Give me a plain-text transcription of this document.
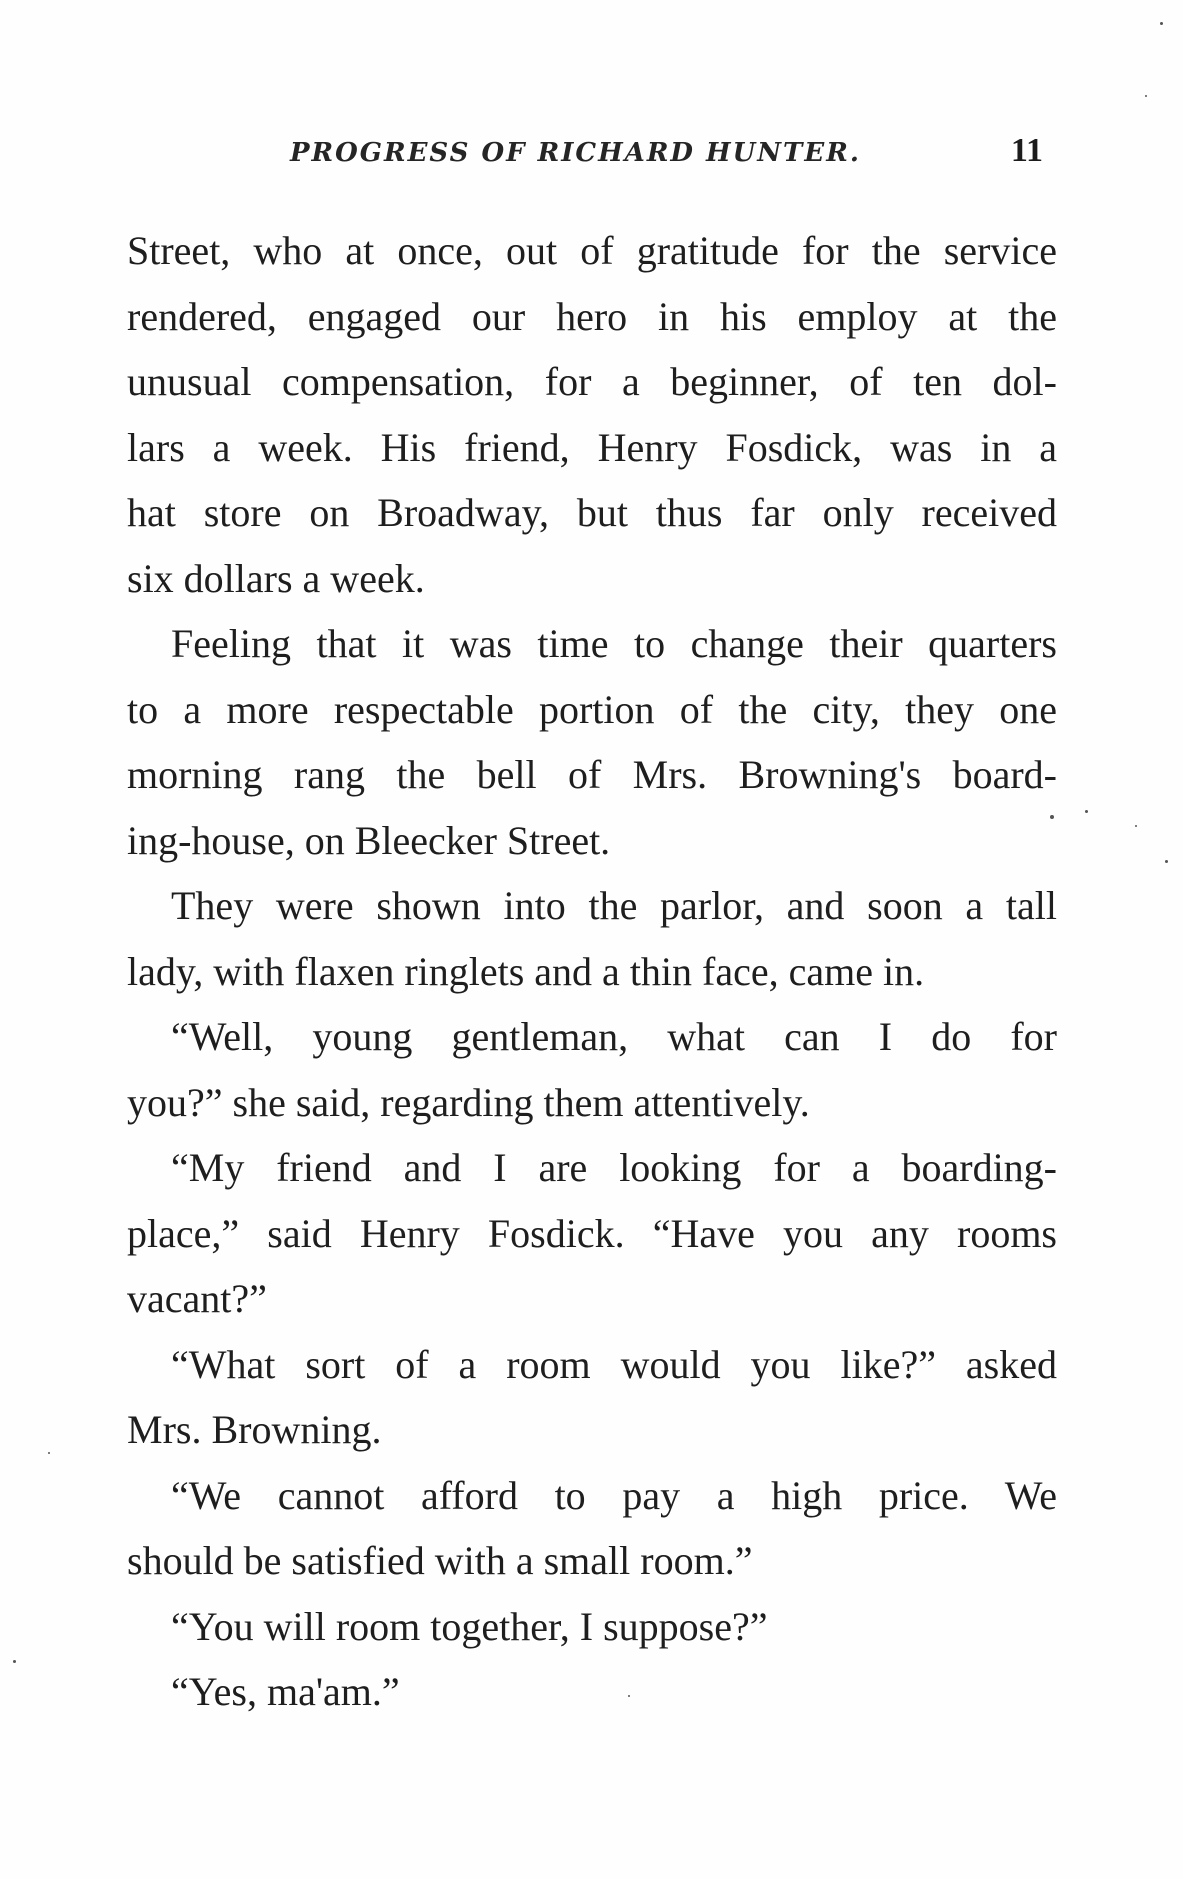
PROGRESS OF RICHARD HUNTER.	11

Street, who at once, out of gratitude for the service
rendered, engaged our hero in his employ at the
unusual compensation, for a beginner, of ten dol-
lars a week. His friend, Henry Fosdick, was in a
hat store on Broadway, but thus far only received
six dollars a week.

Feeling that it was time to change their quarters
to a more respectable portion of the city, they one
morning rang the bell of Mrs. Browning's board-
ing-house, on Bleecker Street.

They were shown into the parlor, and soon a tall
lady, with flaxen ringlets and a thin face, came in.

“Well, young gentleman, what can I do for
you?” she said, regarding them attentively.

“My friend and I are looking for a boarding-
place,” said Henry Fosdick. “Have you any rooms
vacant?”

“What sort of a room would you like?” asked
Mrs. Browning.

“We cannot afford to pay a high price. We
should be satisfied with a small room.”

“You will room together, I suppose?”

“Yes, ma'am.”
